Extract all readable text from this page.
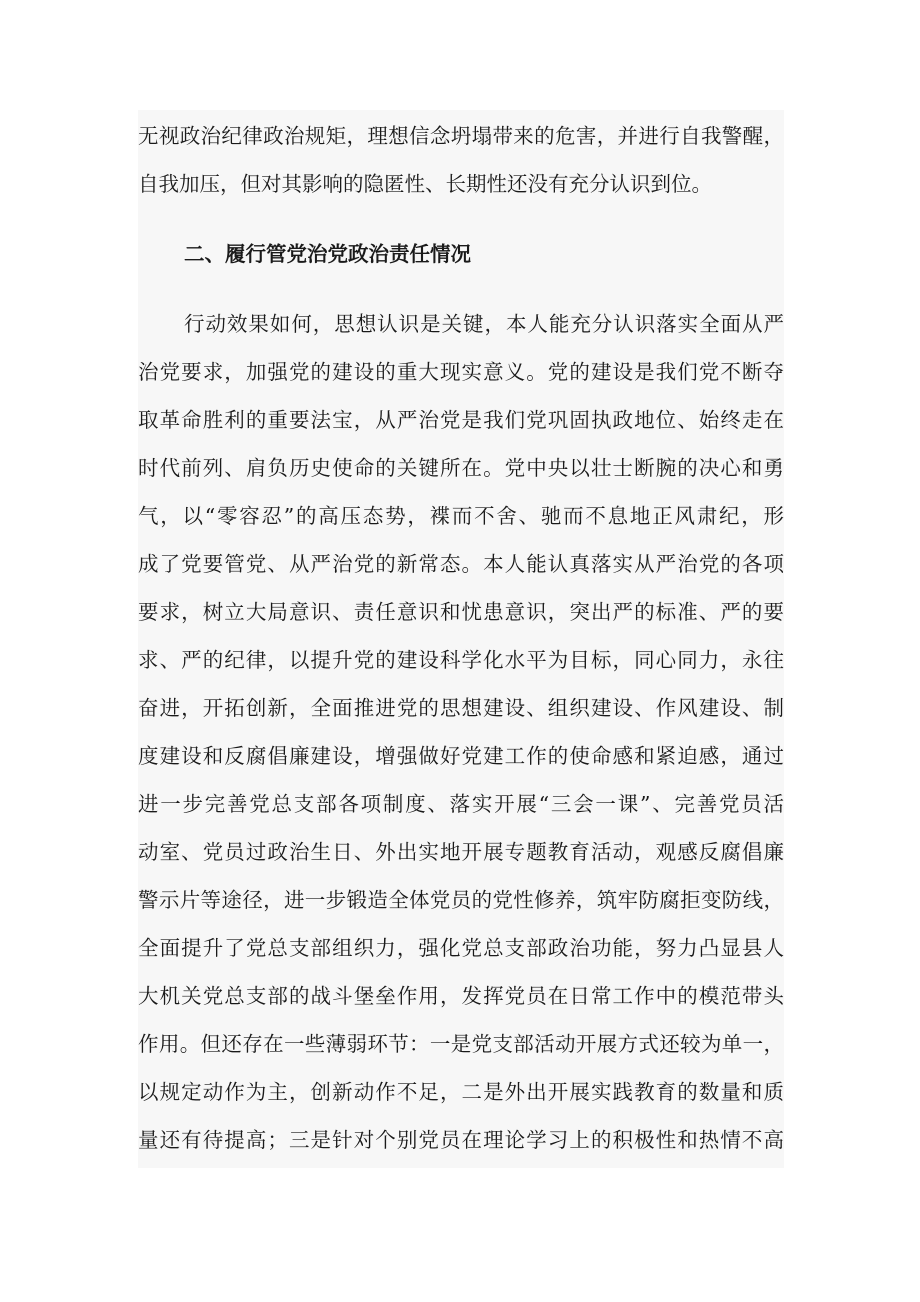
无视政治纪律政治规矩，理想信念坍塌带来的危害，并进行自我警醒，
自我加压，但对其影响的隐匿性、长期性还没有充分认识到位。
二、履行管党治党政治责任情况
行动效果如何，思想认识是关键，本人能充分认识落实全面从严
治党要求，加强党的建设的重大现实意义。党的建设是我们党不断夺
取革命胜利的重要法宝，从严治党是我们党巩固执政地位、始终走在
时代前列、肩负历史使命的关键所在。党中央以壮士断腕的决心和勇
气，以“零容忍”的高压态势，褋而不舍、驰而不息地正风肃纪，形
成了党要管党、从严治党的新常态。本人能认真落实从严治党的各项
要求，树立大局意识、责任意识和忧患意识，突出严的标准、严的要
求、严的纪律，以提升党的建设科学化水平为目标，同心同力，永往
奋进，开拓创新，全面推进党的思想建设、组织建设、作风建设、制
度建设和反腐倡廉建设，增强做好党建工作的使命感和紧迫感，通过
进一步完善党总支部各项制度、落实开展“三会一课”、完善党员活
动室、党员过政治生日、外出实地开展专题教育活动，观感反腐倡廉
警示片等途径，进一步锻造全体党员的党性修养，筑牢防腐拒变防线，
全面提升了党总支部组织力，强化党总支部政治功能，努力凸显县人
大机关党总支部的战斗堡垒作用，发挥党员在日常工作中的模范带头
作用。但还存在一些薄弱环节：一是党支部活动开展方式还较为单一，
以规定动作为主，创新动作不足，二是外出开展实践教育的数量和质
量还有待提高；三是针对个别党员在理论学习上的积极性和热情不高
